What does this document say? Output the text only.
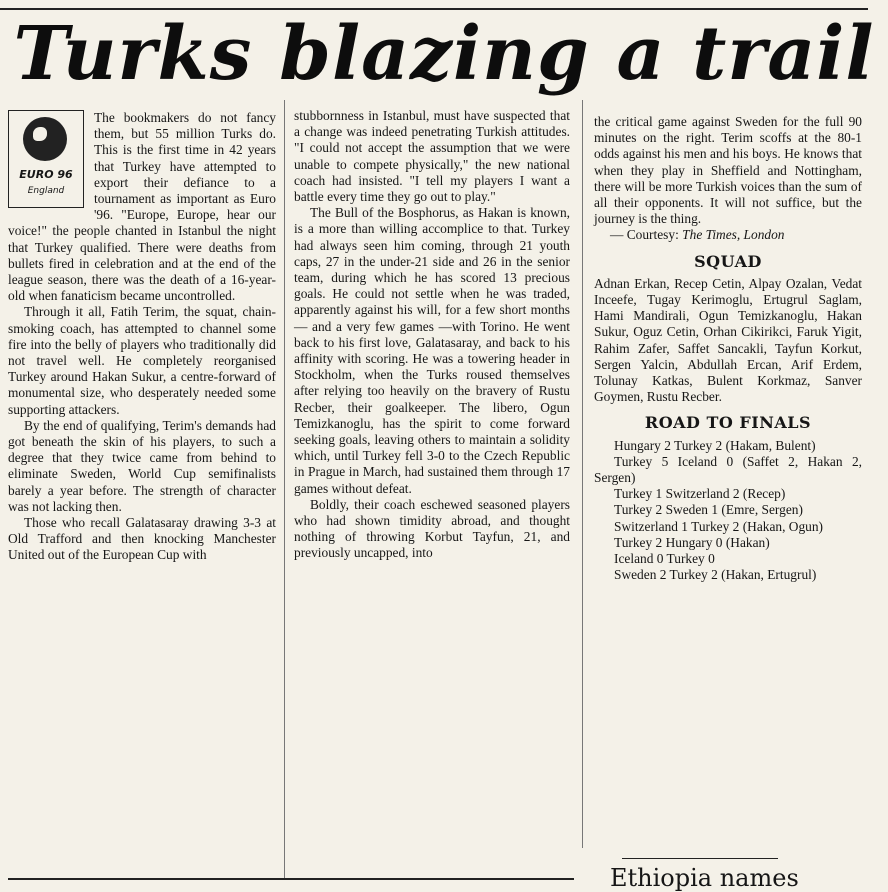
Turks blazing a trail
EURO 96
England

The bookmakers do not fancy them, but 55 million Turks do. This is the first time in 42 years that Turkey have attempted to export their defiance to a tournament as important as Euro '96. "Europe, Europe, hear our voice!" the people chanted in Istanbul the night that Turkey qualified. There were deaths from bullets fired in celebration and at the end of the league season, there was the death of a 16-year-old when fanaticism became uncontrolled.

Through it all, Fatih Terim, the squat, chain-smoking coach, has attempted to channel some fire into the belly of players who traditionally did not travel well. He completely reorganised Turkey around Hakan Sukur, a centre-forward of monumental size, who desperately needed some supporting attackers.

By the end of qualifying, Terim's demands had got beneath the skin of his players, to such a degree that they twice came from behind to eliminate Sweden, World Cup semifinalists barely a year before. The strength of character was not lacking then.

Those who recall Galatasaray drawing 3-3 at Old Trafford and then knocking Manchester United out of the European Cup with

stubbornness in Istanbul, must have suspected that a change was indeed penetrating Turkish attitudes. "I could not accept the assumption that we were unable to compete physically," the new national coach had insisted. "I tell my players I want a battle every time they go out to play."

The Bull of the Bosphorus, as Hakan is known, is a more than willing accomplice to that. Turkey had always seen him coming, through 21 youth caps, 27 in the under-21 side and 26 in the senior team, during which he has scored 13 precious goals. He could not settle when he was traded, apparently against his will, for a few short months — and a very few games —with Torino. He went back to his first love, Galatasaray, and back to his affinity with scoring. He was a towering header in Stockholm, when the Turks roused themselves after relying too heavily on the bravery of Rustu Recber, their goalkeeper. The libero, Ogun Temizkanoglu, has the spirit to come forward seeking goals, leaving others to maintain a solidity which, until Turkey fell 3-0 to the Czech Republic in Prague in March, had sustained them through 17 games without defeat.

Boldly, their coach eschewed seasoned players who had shown timidity abroad, and thought nothing of throwing Korbut Tayfun, 21, and previously uncapped, into

the critical game against Sweden for the full 90 minutes on the right. Terim scoffs at the 80-1 odds against his men and his boys. He knows that when they play in Sheffield and Nottingham, there will be more Turkish voices than the sum of all their opponents. It will not suffice, but the journey is the thing.

— Courtesy: The Times, London

SQUAD

Adnan Erkan, Recep Cetin, Alpay Ozalan, Vedat Inceefe, Tugay Kerimoglu, Ertugrul Saglam, Hami Mandirali, Ogun Temizkanoglu, Hakan Sukur, Oguz Cetin, Orhan Cikirikci, Faruk Yigit, Rahim Zafer, Saffet Sancakli, Tayfun Korkut, Sergen Yalcin, Abdullah Ercan, Arif Erdem, Tolunay Katkas, Bulent Korkmaz, Sanver Goymen, Rustu Recber.

ROAD TO FINALS
Hungary 2 Turkey 2 (Hakam, Bulent)
Turkey 5 Iceland 0 (Saffet 2, Hakan 2, Sergen)
Turkey 1 Switzerland 2 (Recep)
Turkey 2 Sweden 1 (Emre, Sergen)
Switzerland 1 Turkey 2 (Hakan, Ogun)
Turkey 2 Hungary 0 (Hakan)
Iceland 0 Turkey 0
Sweden 2 Turkey 2 (Hakan, Ertugrul)
Ethiopia names
